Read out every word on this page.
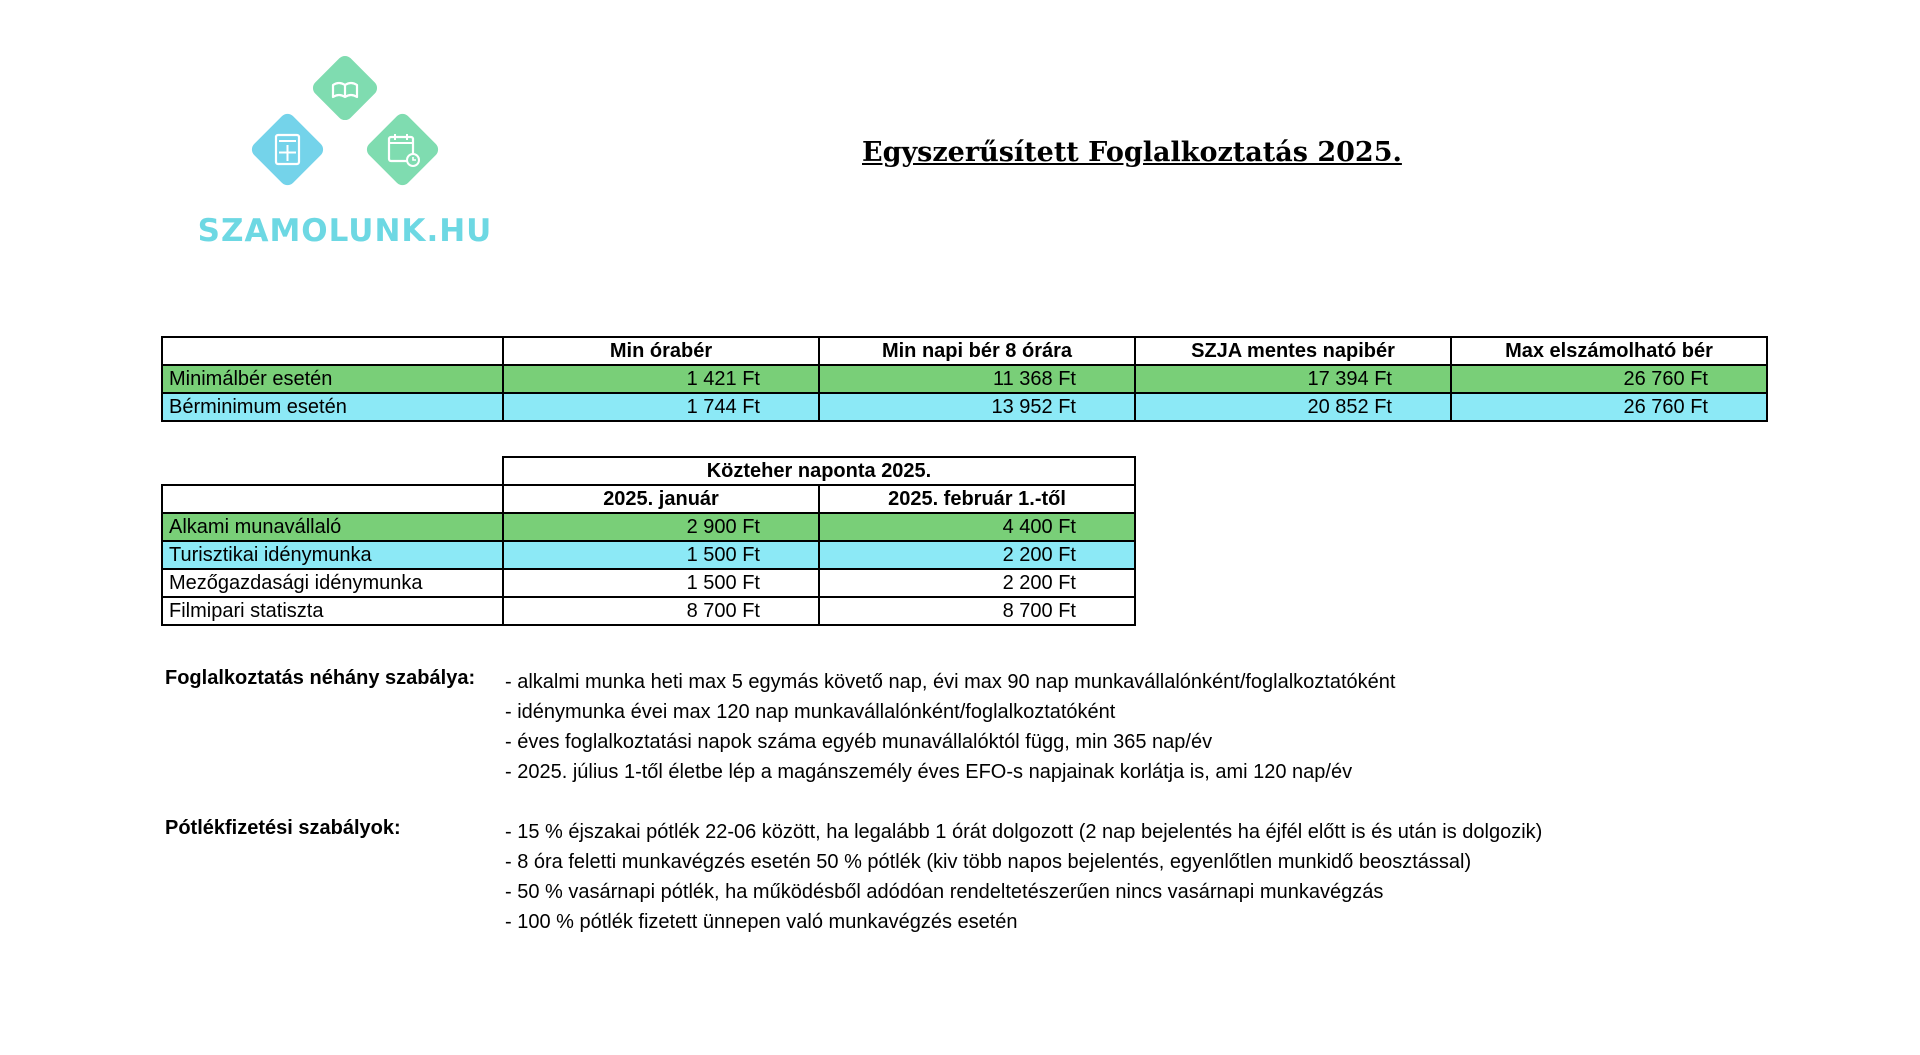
SZAMOLUNK.HU
Egyszerűsített Foglalkoztatás 2025.
	Min órabér	Min napi bér 8 órára	SZJA mentes napibér	Max elszámolható bér
Minimálbér esetén	1 421 Ft	11 368 Ft	17 394 Ft	26 760 Ft
Bérminimum esetén	1 744 Ft	13 952 Ft	20 852 Ft	26 760 Ft
	Közteher naponta 2025.	
	2025. január	2025. február 1.-től
Alkami munavállaló	2 900 Ft	4 400 Ft
Turisztikai idénymunka	1 500 Ft	2 200 Ft
Mezőgazdasági idénymunka	1 500 Ft	2 200 Ft
Filmipari statiszta	8 700 Ft	8 700 Ft
Foglalkoztatás néhány szabálya: - alkalmi munka heti max 5 egymás követő nap, évi max 90 nap munkavállalónként/foglalkoztatóként
- idénymunka évei max 120 nap munkavállalónként/foglalkoztatóként
- éves foglalkoztatási napok száma egyéb munavállalóktól függ, min 365 nap/év
- 2025. július 1-től életbe lép a magánszemély éves EFO-s napjainak korlátja is, ami 120 nap/év
Pótlékfizetési szabályok:	- 15 % éjszakai pótlék 22-06 között, ha legalább 1 órát dolgozott (2 nap bejelentés ha éjfél előtt is és után is dolgozik)
- 8 óra feletti munkavégzés esetén 50 % pótlék (kiv több napos bejelentés, egyenlőtlen munkidő beosztással)
- 50 % vasárnapi pótlék, ha működésből adódóan rendeltetészerűen nincs vasárnapi munkavégzás
- 100 % pótlék fizetett ünnepen való munkavégzés esetén
